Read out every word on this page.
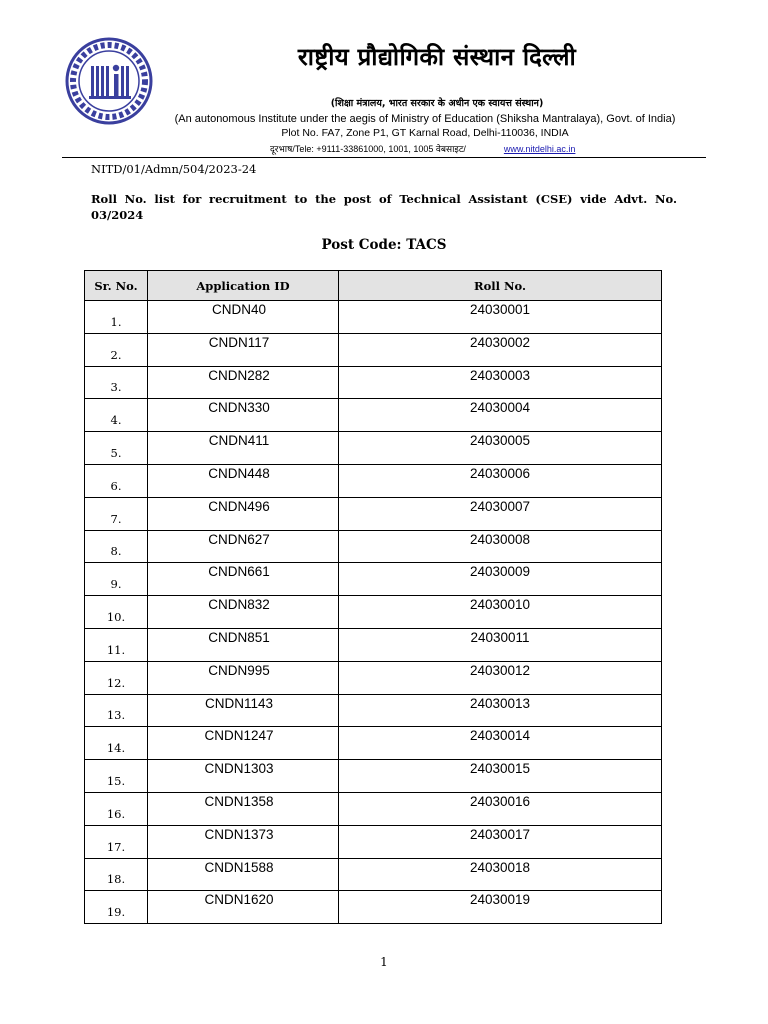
राष्ट्रीय प्रौद्योगिकी संस्थान दिल्ली
(शिक्षा मंत्रालय, भारत सरकार के अधीन एक स्वायत्त संस्थान)
(An autonomous Institute under the aegis of Ministry of Education (Shiksha Mantralaya), Govt. of India)
Plot No. FA7, Zone P1, GT Karnal Road, Delhi-110036, INDIA
दूरभाष/Tele: +9111-33861000, 1001, 1005 वेबसाइट/	www.nitdelhi.ac.in
NITD/01/Admn/504/2023-24
Roll No. list for recruitment to the post of Technical Assistant (CSE) vide Advt. No. 03/2024
Post Code: TACS
Sr. No.	Application ID	Roll No.

1.	CNDN40	24030001

2.	CNDN117	24030002

3.	CNDN282	24030003

4.	CNDN330	24030004

5.	CNDN411	24030005

6.	CNDN448	24030006

7.	CNDN496	24030007

8.	CNDN627	24030008

9.	CNDN661	24030009

10.	CNDN832	24030010

11.	CNDN851	24030011

12.	CNDN995	24030012

13.	CNDN1143	24030013

14.	CNDN1247	24030014

15.	CNDN1303	24030015

16.	CNDN1358	24030016

17.	CNDN1373	24030017

18.	CNDN1588	24030018

19.	CNDN1620	24030019
1
